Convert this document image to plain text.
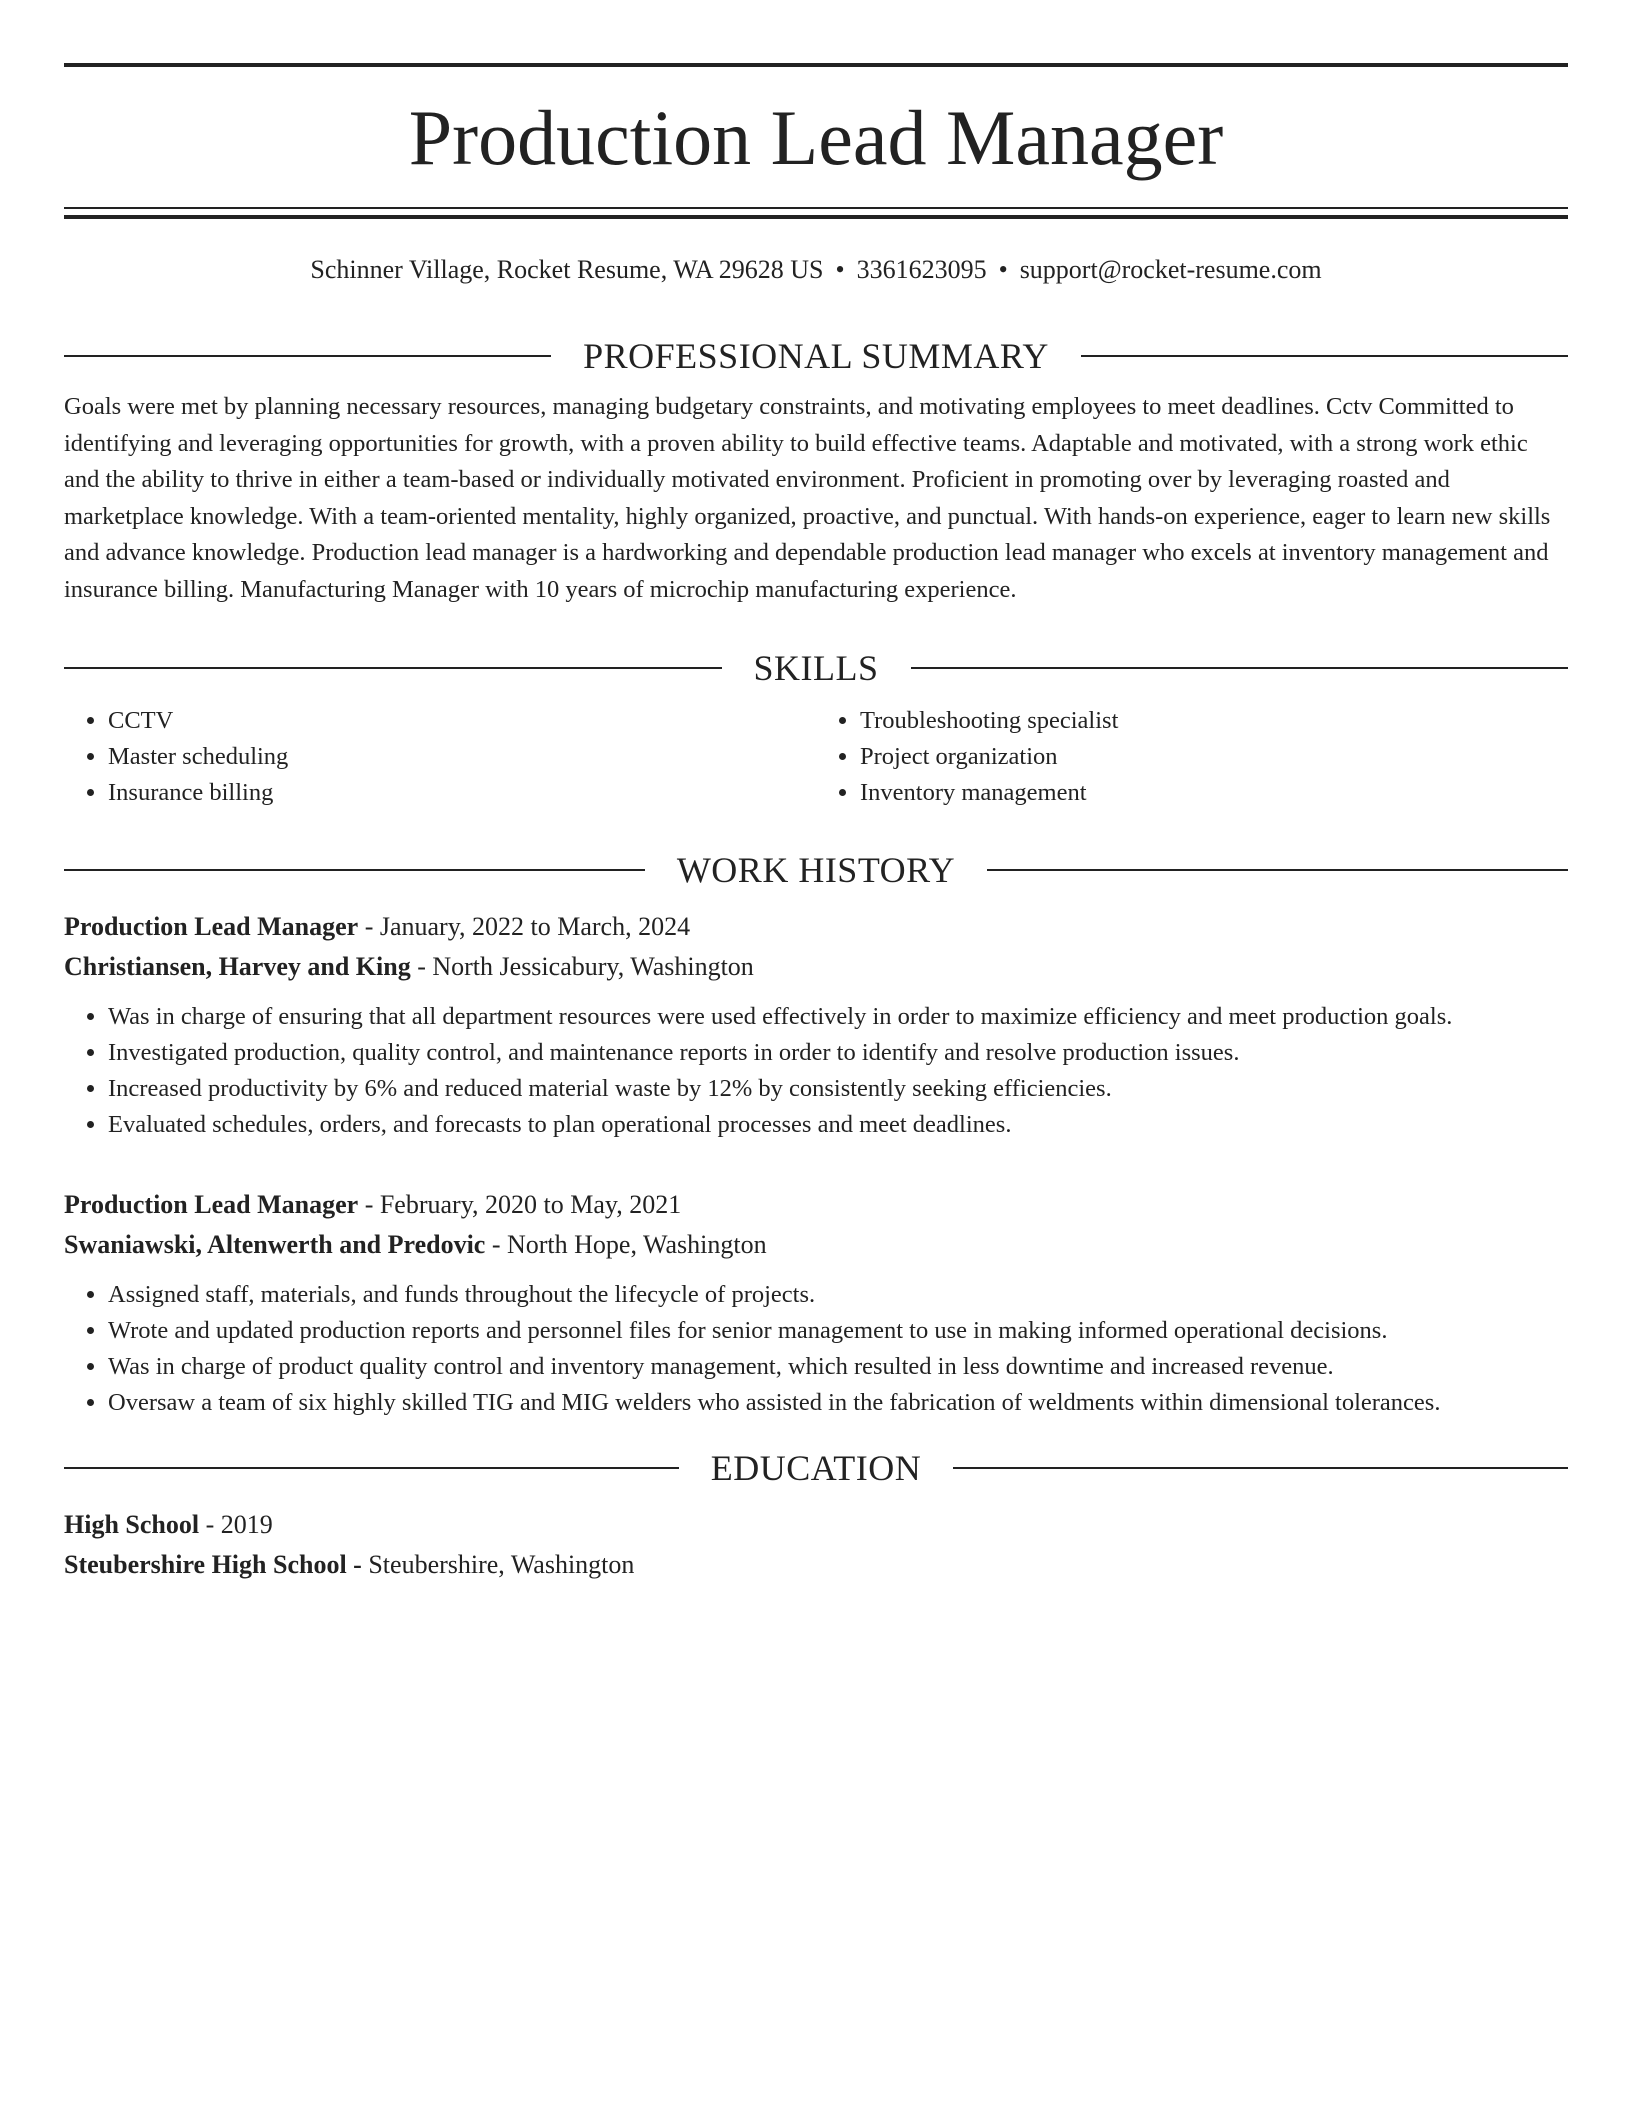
Production Lead Manager
Schinner Village, Rocket Resume, WA 29628 US • 3361623095 • support@rocket-resume.com
PROFESSIONAL SUMMARY

Goals were met by planning necessary resources, managing budgetary constraints, and motivating employees to meet deadlines. Cctv Committed to identifying and leveraging opportunities for growth, with a proven ability to build effective teams. Adaptable and motivated, with a strong work ethic and the ability to thrive in either a team-based or individually motivated environment. Proficient in promoting over by leveraging roasted and marketplace knowledge. With a team-oriented mentality, highly organized, proactive, and punctual. With hands-on experience, eager to learn new skills and advance knowledge. Production lead manager is a hardworking and dependable production lead manager who excels at inventory management and insurance billing. Manufacturing Manager with 10 years of microchip manufacturing experience.

SKILLS
• CCTV
• Master scheduling
• Insurance billing
• Troubleshooting specialist
• Project organization
• Inventory management
WORK HISTORY
Production Lead Manager - January, 2022 to March, 2024
Christiansen, Harvey and King - North Jessicabury, Washington
• Was in charge of ensuring that all department resources were used effectively in order to maximize efficiency and meet production goals.
• Investigated production, quality control, and maintenance reports in order to identify and resolve production issues.
• Increased productivity by 6% and reduced material waste by 12% by consistently seeking efficiencies.
• Evaluated schedules, orders, and forecasts to plan operational processes and meet deadlines.
Production Lead Manager - February, 2020 to May, 2021
Swaniawski, Altenwerth and Predovic - North Hope, Washington
• Assigned staff, materials, and funds throughout the lifecycle of projects.
• Wrote and updated production reports and personnel files for senior management to use in making informed operational decisions.
• Was in charge of product quality control and inventory management, which resulted in less downtime and increased revenue.
• Oversaw a team of six highly skilled TIG and MIG welders who assisted in the fabrication of weldments within dimensional tolerances.
EDUCATION
High School - 2019
Steubershire High School - Steubershire, Washington
